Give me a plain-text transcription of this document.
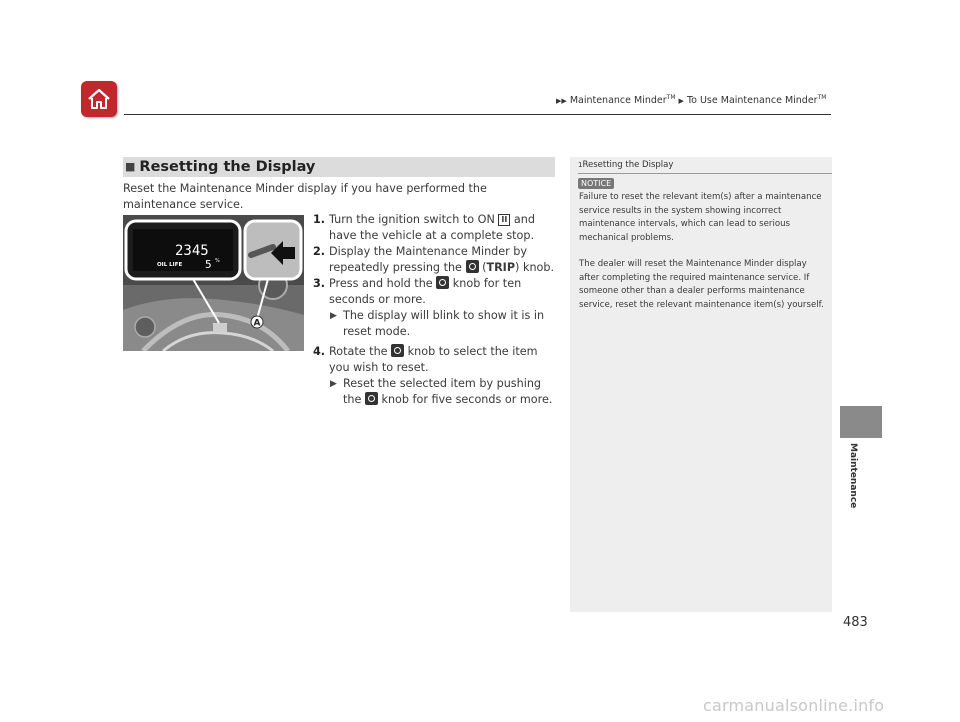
▶▶ Maintenance Minder™ ▶ To Use Maintenance Minder™
■ Resetting the Display
Reset the Maintenance Minder display if you have performed the maintenance service.
A
2345
OIL LIFE 5 %
1. Turn the ignition switch to ON II and have the vehicle at a complete stop.
2. Display the Maintenance Minder by repeatedly pressing the  (TRIP) knob.
3. Press and hold the  knob for ten seconds or more.
▶ The display will blink to show it is in reset mode.
4. Rotate the  knob to select the item you wish to reset.
▶ Reset the selected item by pushing the  knob for five seconds or more.
1Resetting the Display
NOTICE
Failure to reset the relevant item(s) after a maintenance service results in the system showing incorrect maintenance intervals, which can lead to serious mechanical problems.
The dealer will reset the Maintenance Minder display after completing the required maintenance service. If someone other than a dealer performs maintenance service, reset the relevant maintenance item(s) yourself.
Maintenance
483
carmanualsonline.info
